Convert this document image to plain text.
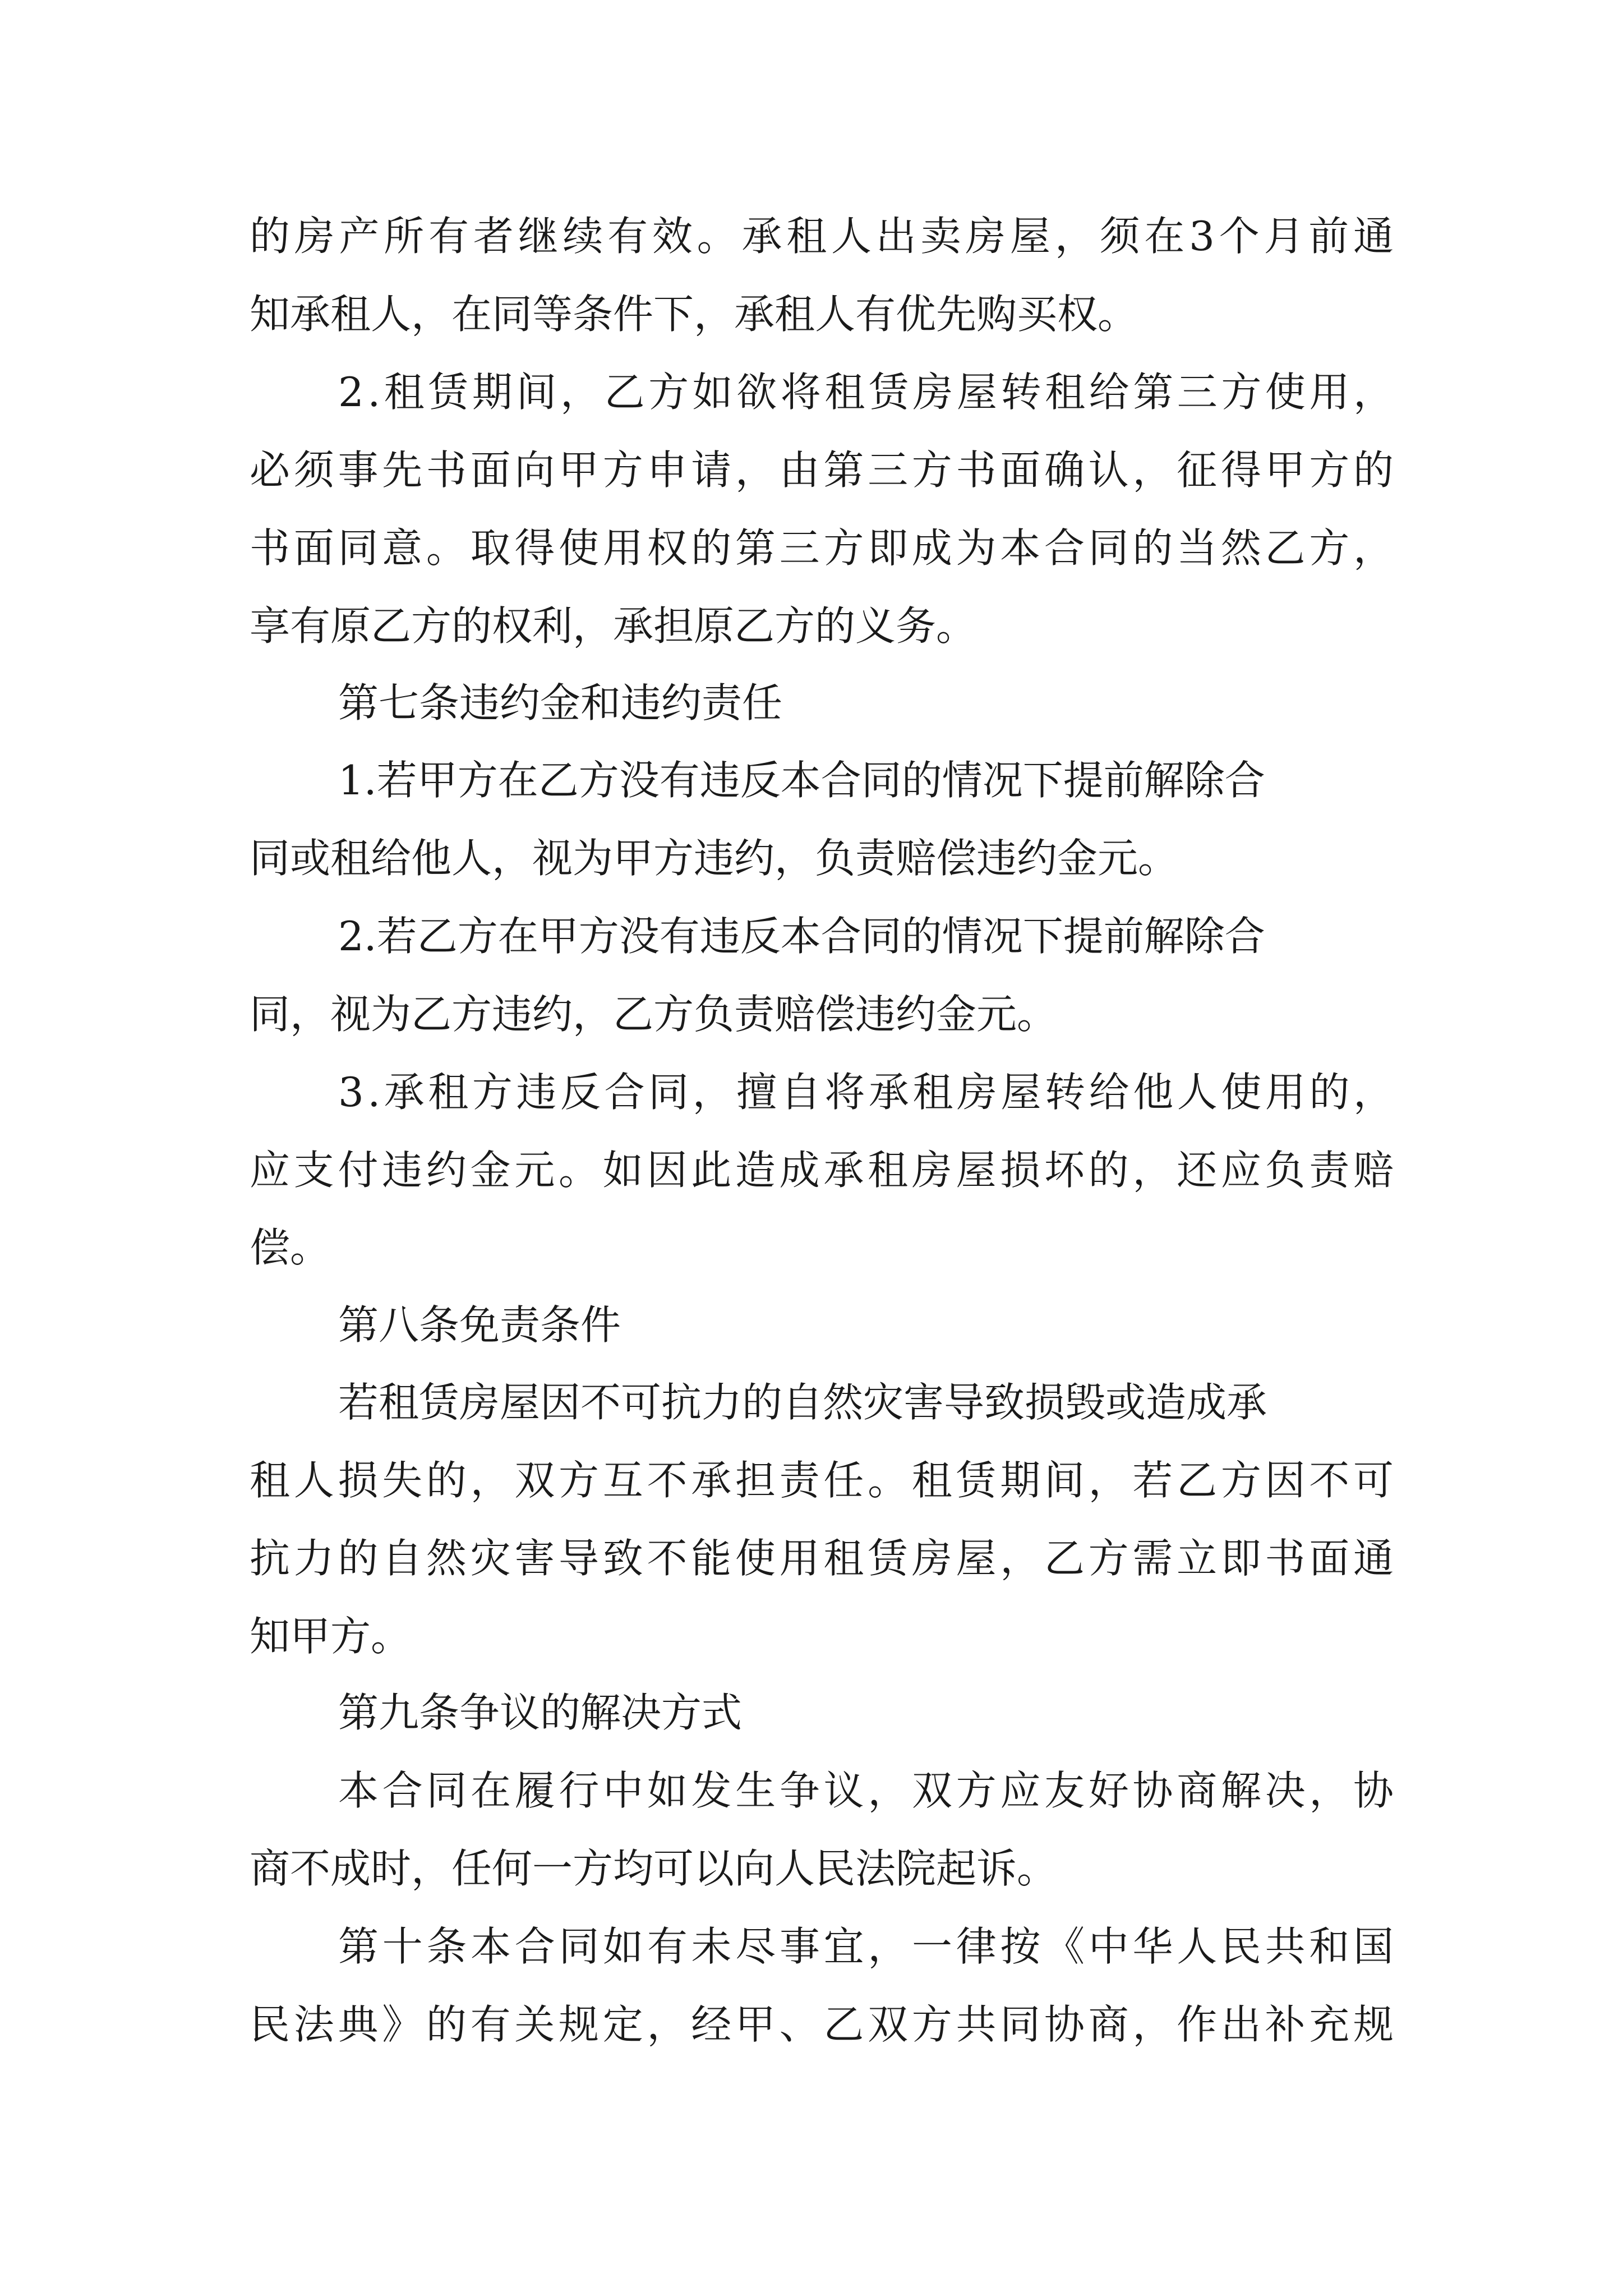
的房产所有者继续有效。承租人出卖房屋，须在3个月前通
知承租人，在同等条件下，承租人有优先购买权。
2.租赁期间，乙方如欲将租赁房屋转租给第三方使用，
必须事先书面向甲方申请，由第三方书面确认，征得甲方的
书面同意。取得使用权的第三方即成为本合同的当然乙方，
享有原乙方的权利，承担原乙方的义务。
第七条违约金和违约责任
1.若甲方在乙方没有违反本合同的情况下提前解除合
同或租给他人，视为甲方违约，负责赔偿违约金元。
2.若乙方在甲方没有违反本合同的情况下提前解除合
同，视为乙方违约，乙方负责赔偿违约金元。
3.承租方违反合同，擅自将承租房屋转给他人使用的，
应支付违约金元。如因此造成承租房屋损坏的，还应负责赔
偿。
第八条免责条件
若租赁房屋因不可抗力的自然灾害导致损毁或造成承
租人损失的，双方互不承担责任。租赁期间，若乙方因不可
抗力的自然灾害导致不能使用租赁房屋，乙方需立即书面通
知甲方。
第九条争议的解决方式
本合同在履行中如发生争议，双方应友好协商解决，协
商不成时，任何一方均可以向人民法院起诉。
第十条本合同如有未尽事宜，一律按《中华人民共和国
民法典》的有关规定，经甲、乙双方共同协商，作出补充规
